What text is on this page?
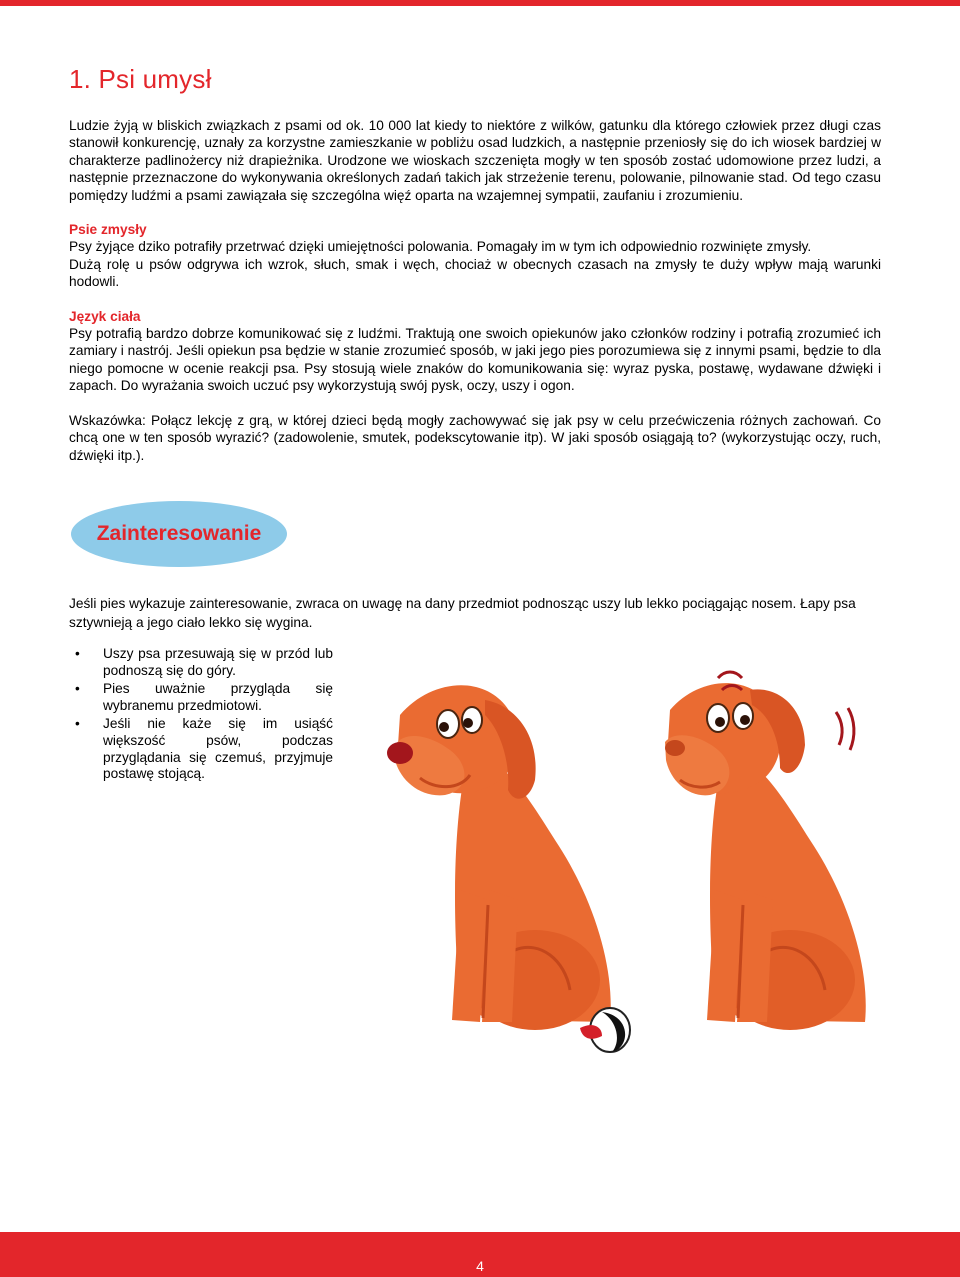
1. Psi umysł

Ludzie żyją w bliskich związkach z psami od ok. 10 000 lat kiedy to niektóre z wilków, gatunku dla którego człowiek przez długi czas stanowił konkurencję, uznały za korzystne zamieszkanie w pobliżu osad ludzkich, a następnie przeniosły się do ich wiosek bardziej w charakterze padlinożercy niż drapieżnika. Urodzone we wioskach szczenięta mogły w ten sposób zostać udomowione przez ludzi, a następnie przeznaczone do wykonywania określonych zadań takich jak strzeżenie terenu, polowanie, pilnowanie stad. Od tego czasu pomiędzy ludźmi a psami zawiązała się szczególna więź oparta na wzajemnej sympatii, zaufaniu i zrozumieniu.

Psie zmysły

Psy żyjące dziko potrafiły przetrwać dzięki umiejętności polowania. Pomagały im w tym ich odpowiednio rozwinięte zmysły.

Dużą rolę u psów odgrywa ich wzrok, słuch, smak i węch, chociaż w obecnych czasach na zmysły te duży wpływ mają warunki hodowli.

Język ciała

Psy potrafią bardzo dobrze komunikować się z ludźmi. Traktują one swoich opiekunów jako członków rodziny i potrafią zrozumieć ich zamiary i nastrój. Jeśli opiekun psa będzie w stanie zrozumieć sposób, w jaki jego pies porozumiewa się z innymi psami, będzie to dla niego pomocne w ocenie reakcji psa. Psy stosują wiele znaków do komunikowania się: wyraz pyska, postawę, wydawane dźwięki i zapach. Do wyrażania swoich uczuć psy wykorzystują swój pysk, oczy, uszy i ogon.

Wskazówka: Połącz lekcję z grą, w której dzieci będą mogły zachowywać się jak psy w celu przećwiczenia różnych zachowań. Co chcą one w ten sposób wyrazić? (zadowolenie, smutek, podekscytowanie itp). W jaki sposób osiągają to? (wykorzystując oczy, ruch, dźwięki itp.).

Zainteresowanie

Jeśli pies wykazuje zainteresowanie, zwraca on uwagę na dany przedmiot podnosząc uszy lub lekko pociągając nosem. Łapy psa sztywnieją a jego ciało lekko się wygina.

• Uszy psa przesuwają się w przód lub podnoszą się do góry.
• Pies uważnie przygląda się wybranemu przedmiotowi.
• Jeśli nie każe się im usiąść większość psów, podczas przyglądania się czemuś, przyjmuje postawę stojącą.
4
